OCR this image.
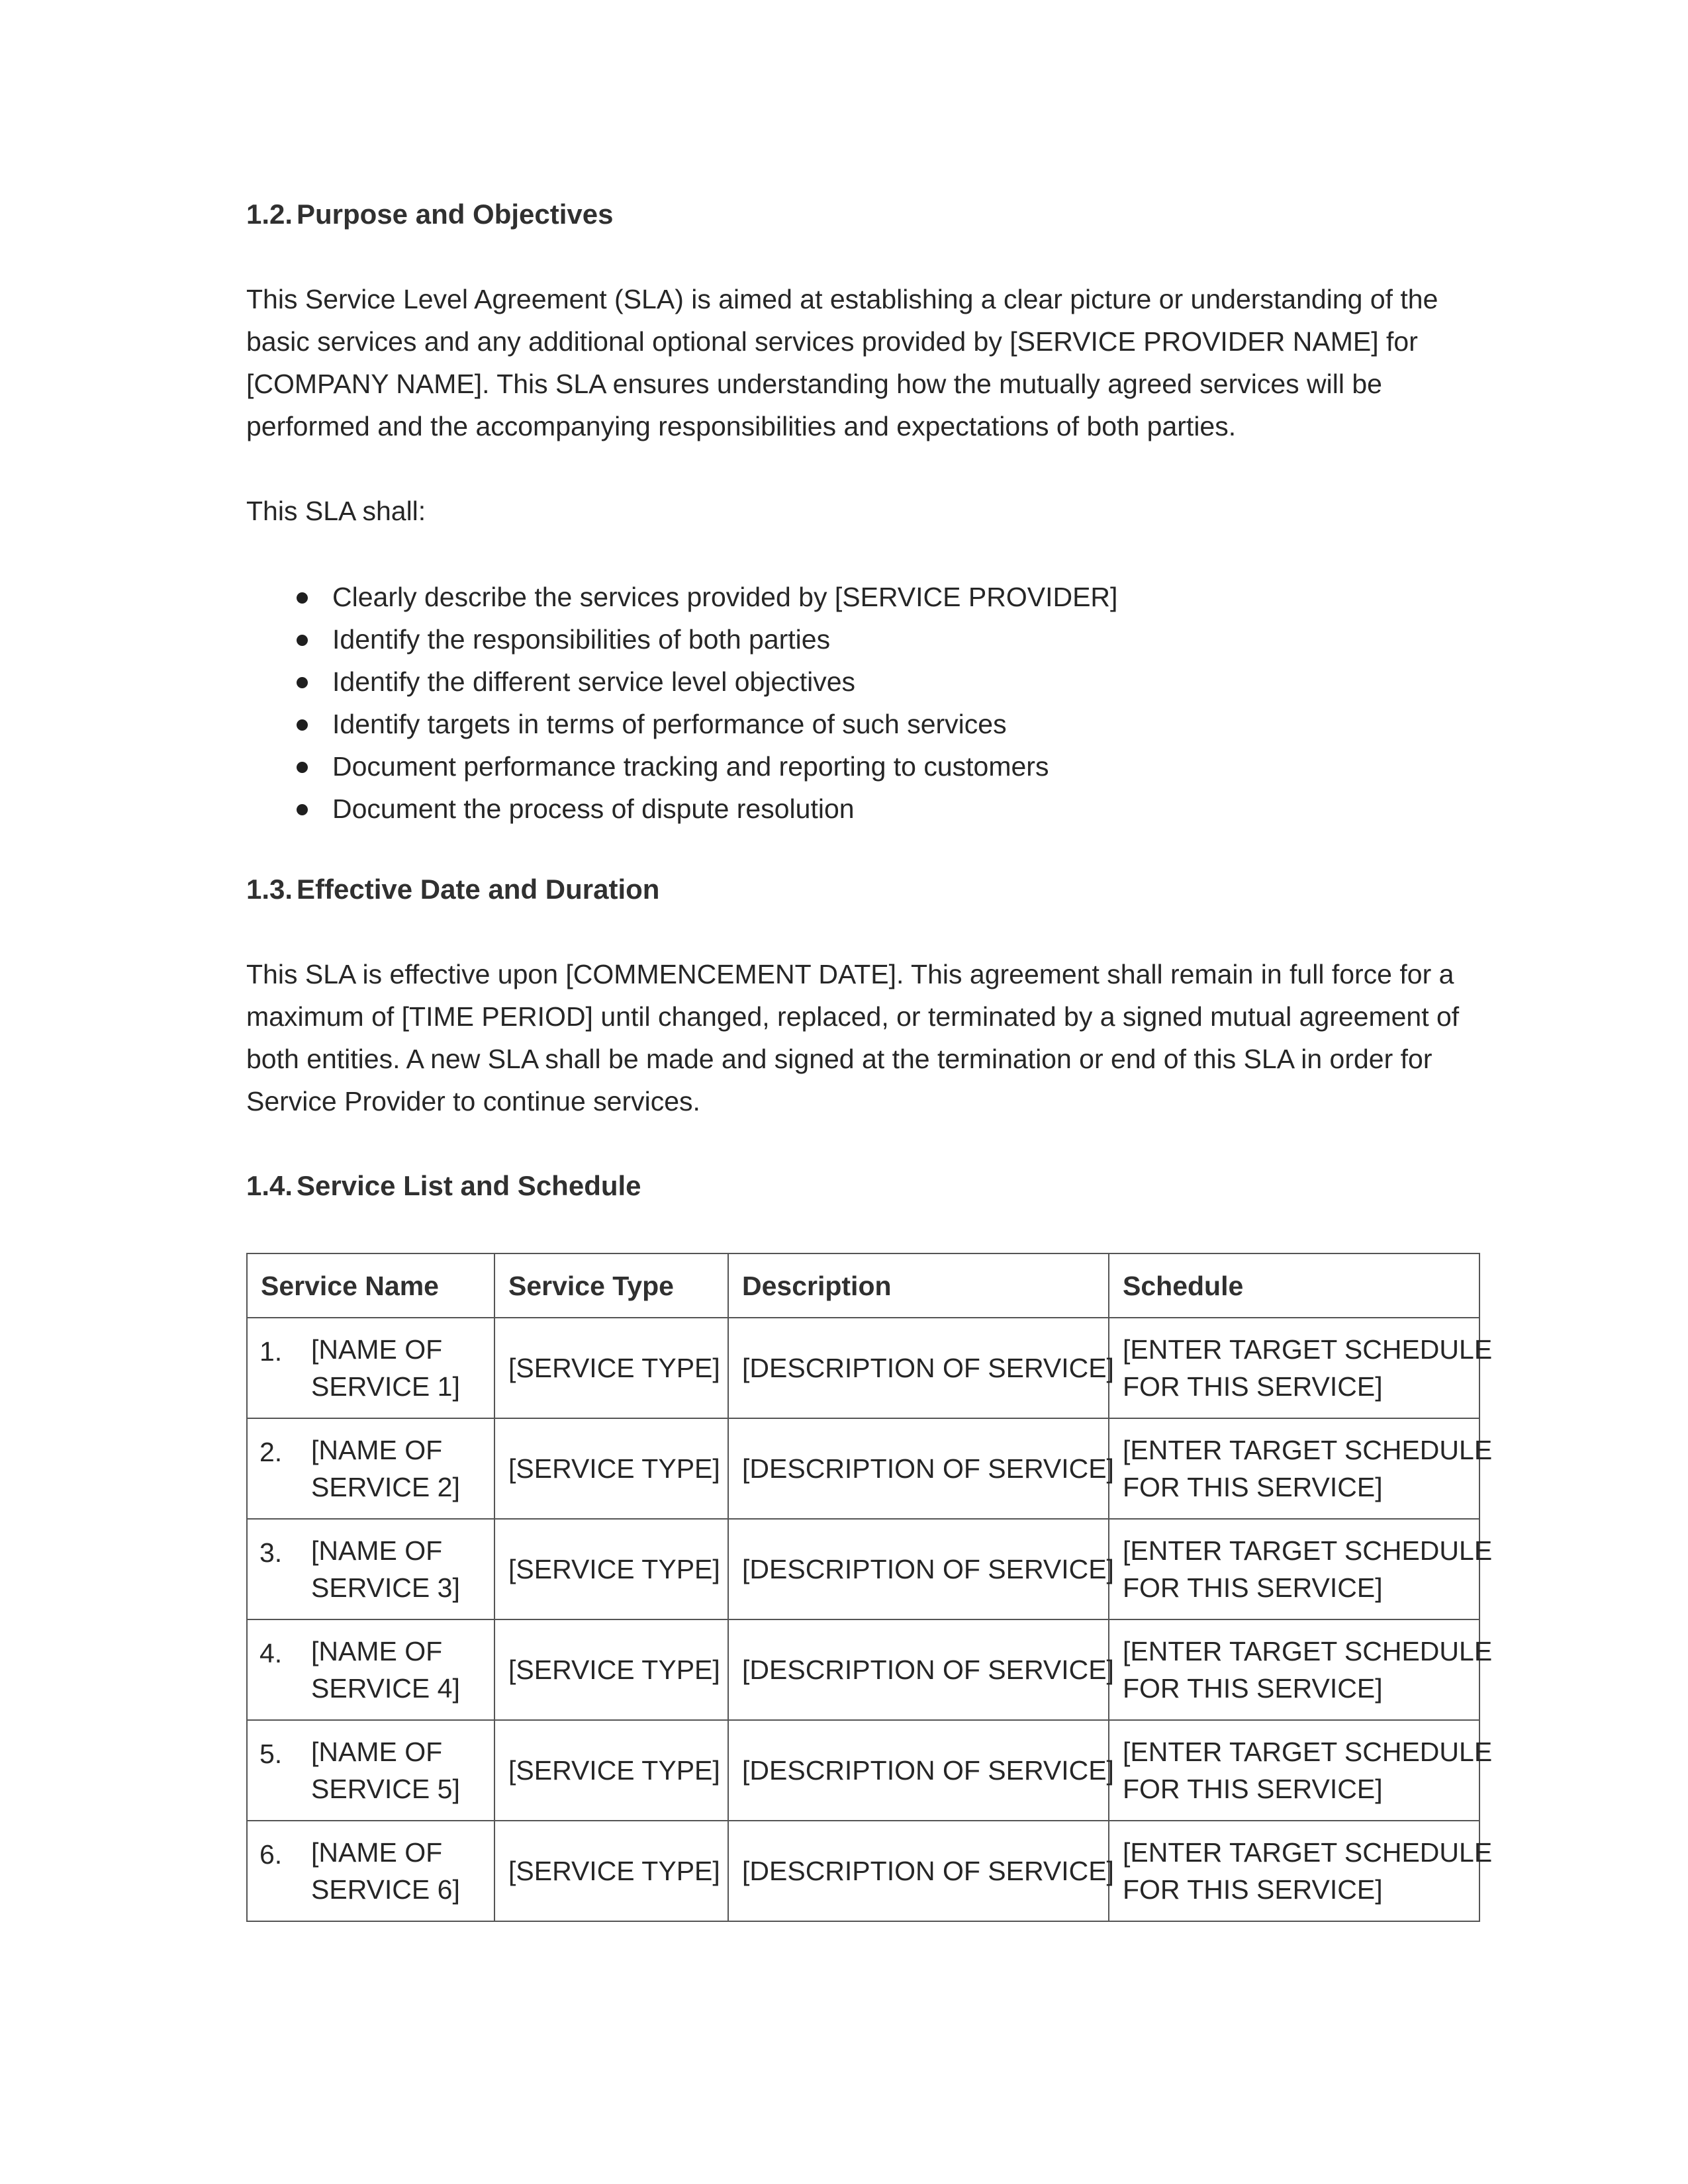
1.2. Purpose and Objectives

This Service Level Agreement (SLA) is aimed at establishing a clear picture or understanding of the
basic services and any additional optional services provided by [SERVICE PROVIDER NAME] for
[COMPANY NAME]. This SLA ensures understanding how the mutually agreed services will be
performed and the accompanying responsibilities and expectations of both parties.

This SLA shall:

Clearly describe the services provided by [SERVICE PROVIDER]
Identify the responsibilities of both parties
Identify the different service level objectives
Identify targets in terms of performance of such services
Document performance tracking and reporting to customers
Document the process of dispute resolution
1.3. Effective Date and Duration

This SLA is effective upon [COMMENCEMENT DATE]. This agreement shall remain in full force for a
maximum of [TIME PERIOD] until changed, replaced, or terminated by a signed mutual agreement of
both entities. A new SLA shall be made and signed at the termination or end of this SLA in order for
Service Provider to continue services.

1.4. Service List and Schedule
Service Name	Service Type	Description	Schedule

1. [NAME OF
SERVICE 1]	[SERVICE TYPE]	[DESCRIPTION OF SERVICE]	[ENTER TARGET SCHEDULE
FOR THIS SERVICE]

2. [NAME OF
SERVICE 2]	[SERVICE TYPE]	[DESCRIPTION OF SERVICE]	[ENTER TARGET SCHEDULE
FOR THIS SERVICE]

3. [NAME OF
SERVICE 3]	[SERVICE TYPE]	[DESCRIPTION OF SERVICE]	[ENTER TARGET SCHEDULE
FOR THIS SERVICE]

4. [NAME OF
SERVICE 4]	[SERVICE TYPE]	[DESCRIPTION OF SERVICE]	[ENTER TARGET SCHEDULE
FOR THIS SERVICE]

5. [NAME OF
SERVICE 5]	[SERVICE TYPE]	[DESCRIPTION OF SERVICE]	[ENTER TARGET SCHEDULE
FOR THIS SERVICE]

6. [NAME OF
SERVICE 6]	[SERVICE TYPE]	[DESCRIPTION OF SERVICE]	[ENTER TARGET SCHEDULE
FOR THIS SERVICE]
